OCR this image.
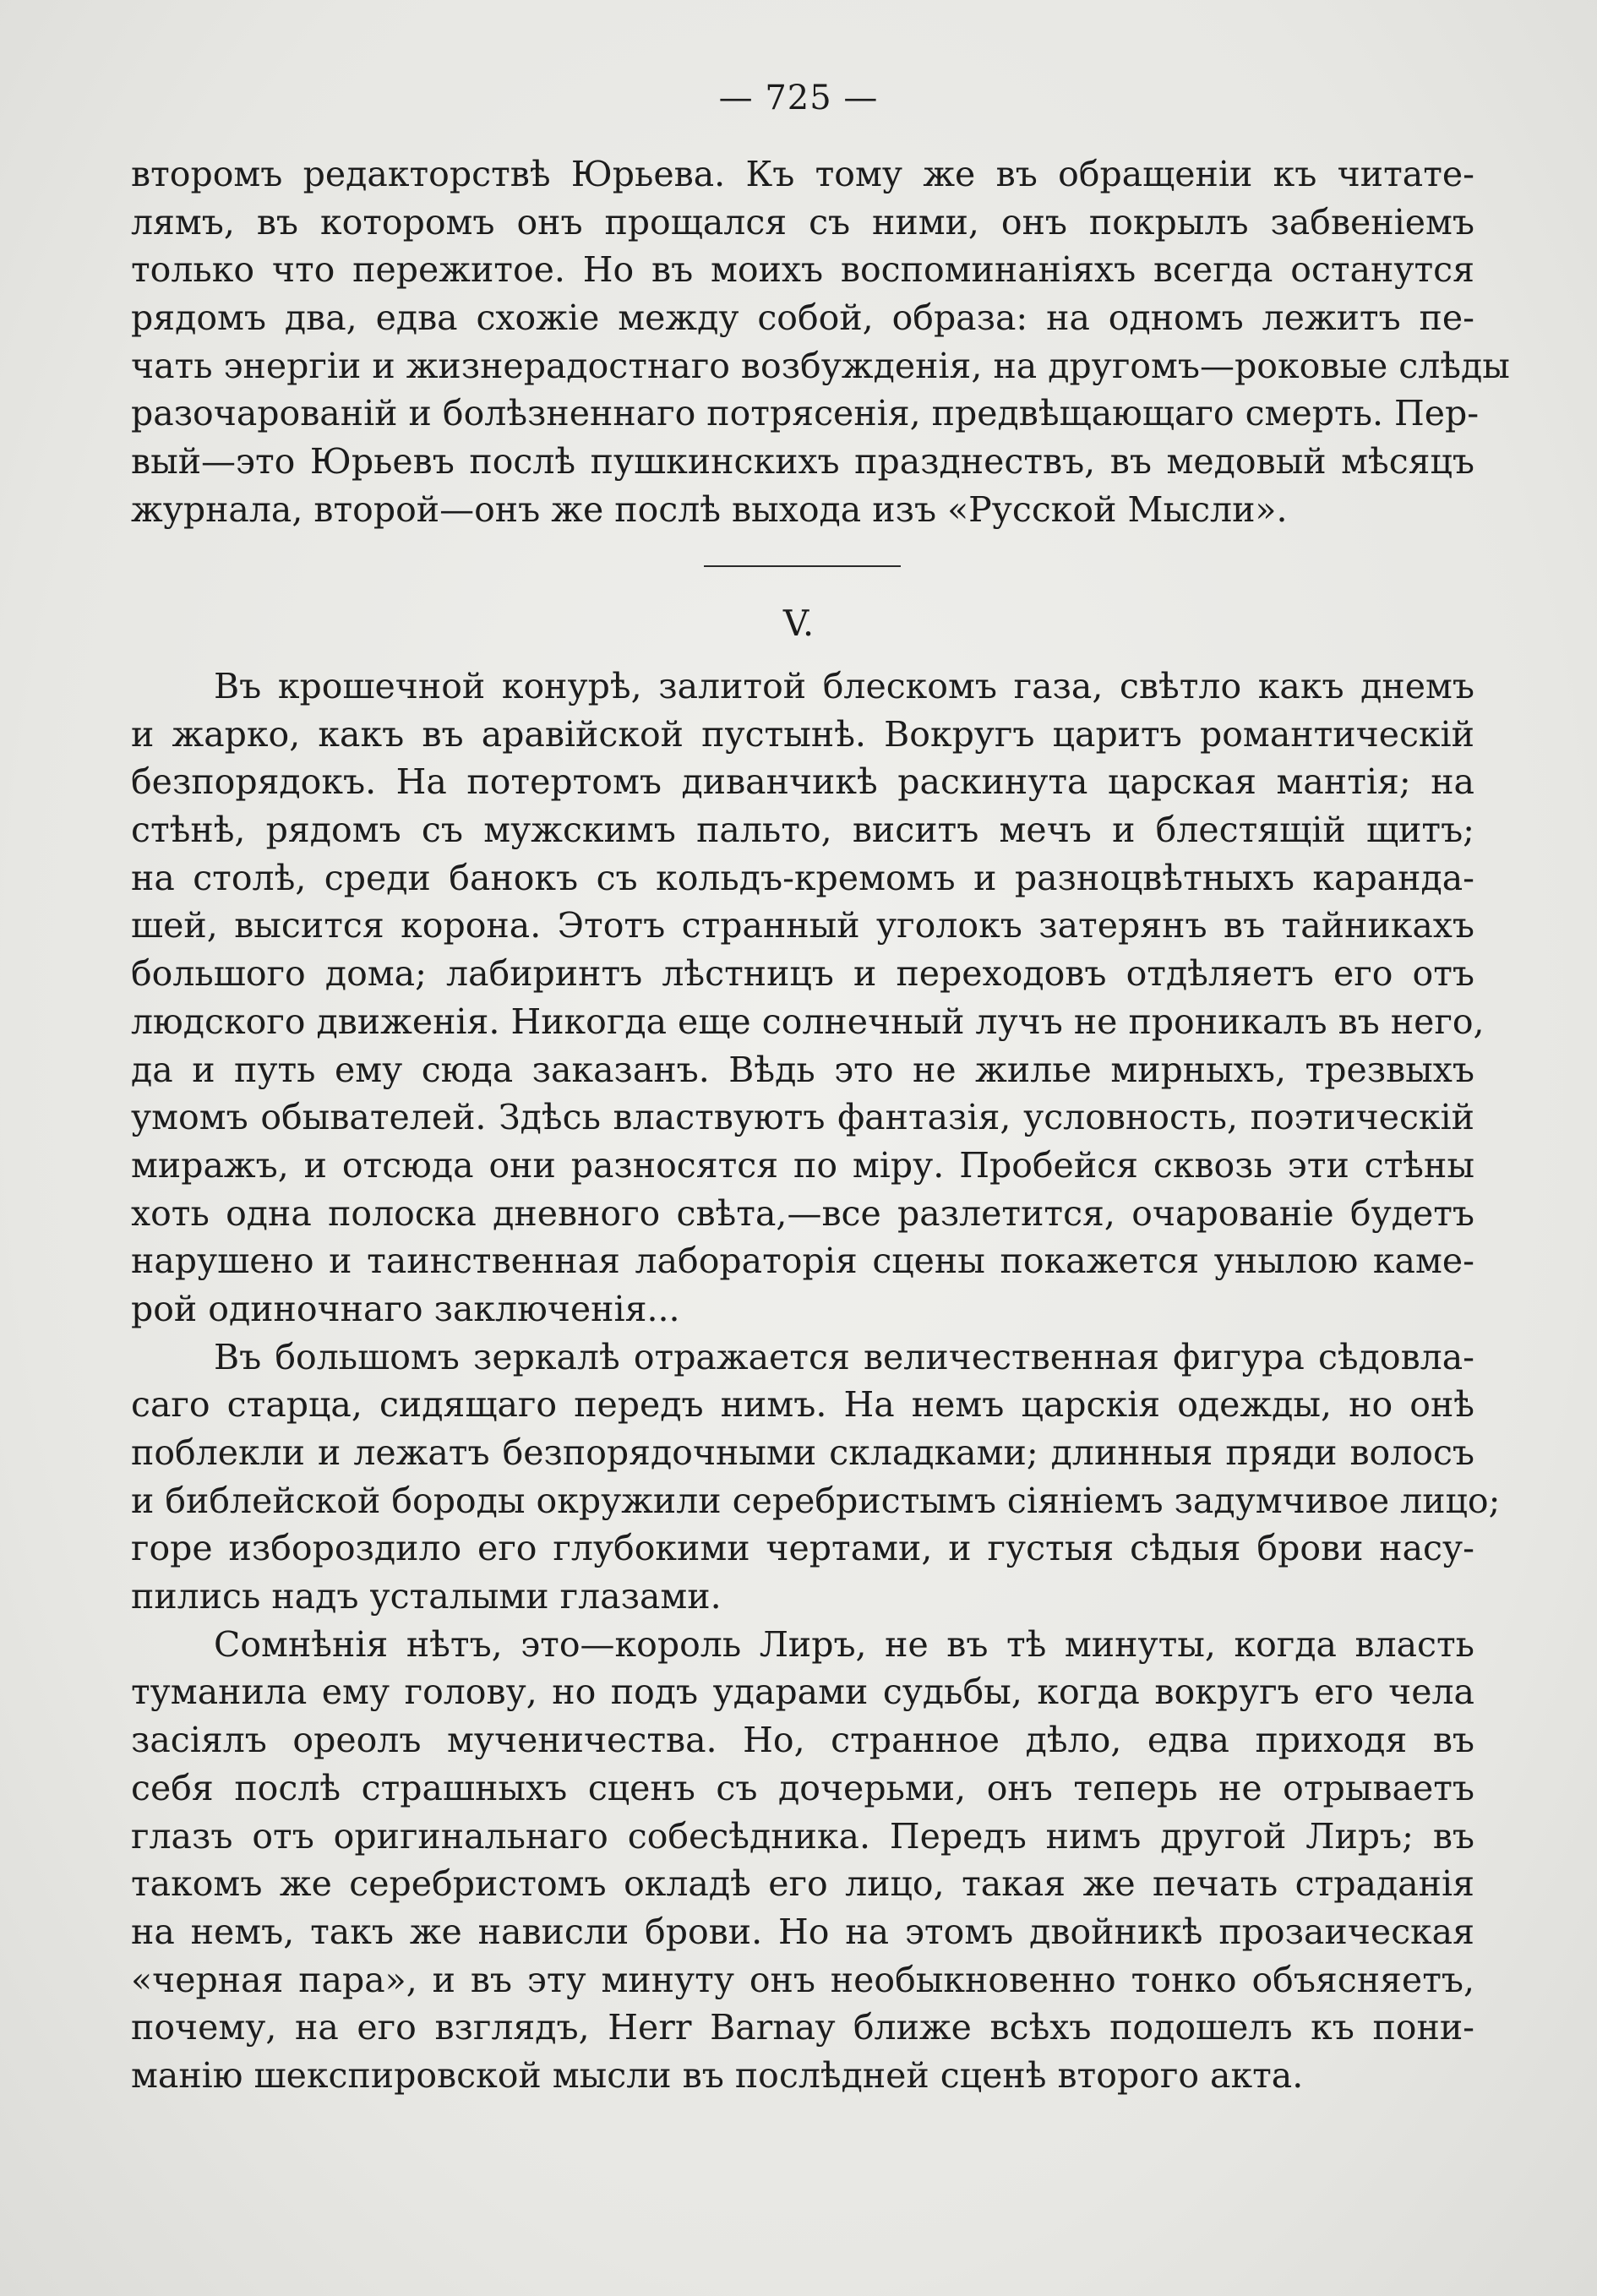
— 725 —
второмъ редакторствѣ Юрьева. Къ тому же въ обращеніи къ читате-
лямъ, въ которомъ онъ прощался съ ними, онъ покрылъ забвеніемъ
только что пережитое. Но въ моихъ воспоминаніяхъ всегда останутся
рядомъ два, едва схожіе между собой, образа: на одномъ лежитъ пе-
чать энергіи и жизнерадостнаго возбужденія, на другомъ—роковые слѣды
разочарованій и болѣзненнаго потрясенія, предвѣщающаго смерть. Пер-
вый—это Юрьевъ послѣ пушкинскихъ празднествъ, въ медовый мѣсяцъ
журнала, второй—онъ же послѣ выхода изъ «Русской Мысли».
V.
Въ крошечной конурѣ, залитой блескомъ газа, свѣтло какъ днемъ
и жарко, какъ въ аравійской пустынѣ. Вокругъ царитъ романтическій
безпорядокъ. На потертомъ диванчикѣ раскинута царская мантія; на
стѣнѣ, рядомъ съ мужскимъ пальто, виситъ мечъ и блестящій щитъ;
на столѣ, среди банокъ съ кольдъ-кремомъ и разноцвѣтныхъ каранда-
шей, высится корона. Этотъ странный уголокъ затерянъ въ тайникахъ
большого дома; лабиринтъ лѣстницъ и переходовъ отдѣляетъ его отъ
людского движенія. Никогда еще солнечный лучъ не проникалъ въ него,
да и путь ему сюда заказанъ. Вѣдь это не жилье мирныхъ, трезвыхъ
умомъ обывателей. Здѣсь властвуютъ фантазія, условность, поэтическій
миражъ, и отсюда они разносятся по міру. Пробейся сквозь эти стѣны
хоть одна полоска дневного свѣта,—все разлетится, очарованіе будетъ
нарушено и таинственная лабораторія сцены покажется унылою каме-
рой одиночнаго заключенія...
Въ большомъ зеркалѣ отражается величественная фигура сѣдовла-
саго старца, сидящаго передъ нимъ. На немъ царскія одежды, но онѣ
поблекли и лежатъ безпорядочными складками; длинныя пряди волосъ
и библейской бороды окружили серебристымъ сіяніемъ задумчивое лицо;
горе избороздило его глубокими чертами, и густыя сѣдыя брови насу-
пились надъ усталыми глазами.
Сомнѣнія нѣтъ, это—король Лиръ, не въ тѣ минуты, когда власть
туманила ему голову, но подъ ударами судьбы, когда вокругъ его чела
засіялъ ореолъ мученичества. Но, странное дѣло, едва приходя въ
себя послѣ страшныхъ сценъ съ дочерьми, онъ теперь не отрываетъ
глазъ отъ оригинальнаго собесѣдника. Передъ нимъ другой Лиръ; въ
такомъ же серебристомъ окладѣ его лицо, такая же печать страданія
на немъ, такъ же нависли брови. Но на этомъ двойникѣ прозаическая
«черная пара», и въ эту минуту онъ необыкновенно тонко объясняетъ,
почему, на его взглядъ, Herr Barnay ближе всѣхъ подошелъ къ пони-
манію шекспировской мысли въ послѣдней сценѣ второго акта.
